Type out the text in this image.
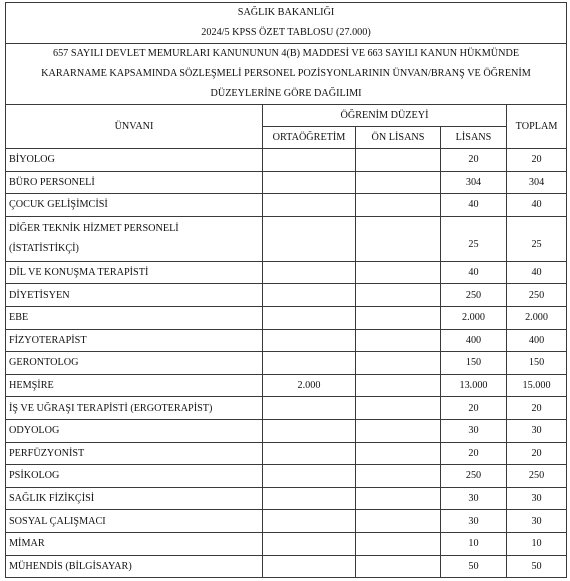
SAĞLIK BAKANLIĞI
2024/5 KPSS ÖZET TABLOSU (27.000)				

657 SAYILI DEVLET MEMURLARI KANUNUNUN 4(B) MADDESİ VE 663 SAYILI KANUN HÜKMÜNDE
KARARNAME KAPSAMINDA SÖZLEŞMELİ PERSONEL POZİSYONLARININ ÜNVAN/BRANŞ VE ÖĞRENİM
DÜZEYLERİNE GÖRE DAĞILIMI				

ÜNVANI	ÖĞRENİM DÜZEYİ			TOPLAM
	ORTAÖĞRETİM	ÖN LİSANS	LİSANS	
BİYOLOG			20	20
BÜRO PERSONELİ			304	304
ÇOCUK GELİŞİMCİSİ			40	40

DİĞER TEKNİK HİZMET PERSONELİ
(İSTATİSTİKÇİ)			25	25
DİL VE KONUŞMA TERAPİSTİ			40	40
DİYETİSYEN			250	250
EBE			2.000	2.000
FİZYOTERAPİST			400	400
GERONTOLOG			150	150
HEMŞİRE	2.000		13.000	15.000
İŞ VE UĞRAŞI TERAPİSTİ (ERGOTERAPİST)			20	20
ODYOLOG			30	30
PERFÜZYONİST			20	20
PSİKOLOG			250	250
SAĞLIK FİZİKÇİSİ			30	30
SOSYAL ÇALIŞMACI			30	30
MİMAR			10	10
MÜHENDİS (BİLGİSAYAR)			50	50
